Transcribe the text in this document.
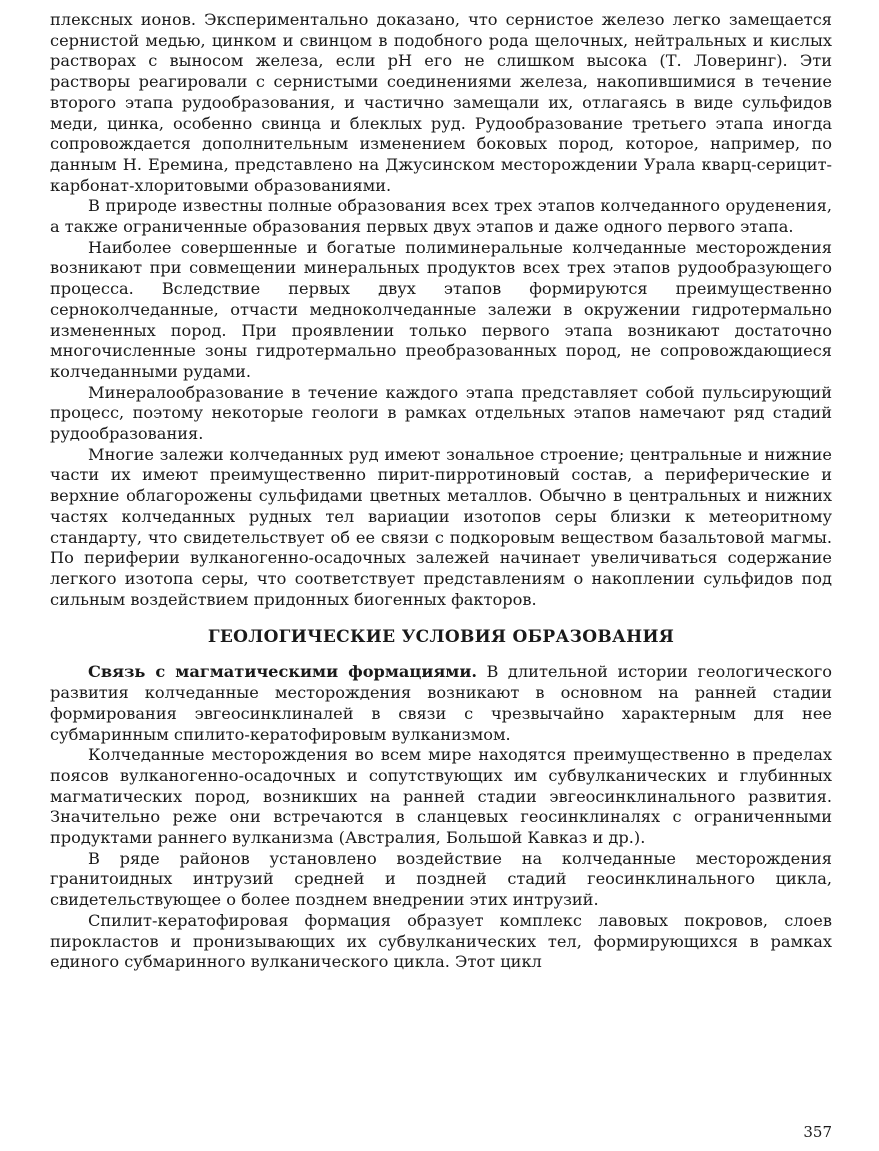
плексных ионов. Экспериментально доказано, что сернистое железо легко замещается сернистой медью, цинком и свинцом в подобного рода щелочных, нейтральных и кислых растворах с выносом железа, если pH его не слишком высока (Т. Ловеринг). Эти растворы реагировали с сернистыми соединениями железа, накопившимися в течение второго этапа рудообразования, и частично замещали их, отлагаясь в виде сульфидов меди, цинка, особенно свинца и блеклых руд. Рудообразование третьего этапа иногда сопровождается дополнительным изменением боковых пород, которое, например, по данным Н. Еремина, представлено на Джусинском месторождении Урала кварц-серицит-карбонат-хлоритовыми образованиями.

В природе известны полные образования всех трех этапов колчеданного оруденения, а также ограниченные образования первых двух этапов и даже одного первого этапа.

Наиболее совершенные и богатые полиминеральные колчеданные месторождения возникают при совмещении минеральных продуктов всех трех этапов рудообразующего процесса. Вследствие первых двух этапов формируются преимущественно серноколчеданные, отчасти медноколчеданные залежи в окружении гидротермально измененных пород. При проявлении только первого этапа возникают достаточно многочисленные зоны гидротермально преобразованных пород, не сопровождающиеся колчеданными рудами.

Минералообразование в течение каждого этапа представляет собой пульсирующий процесс, поэтому некоторые геологи в рамках отдельных этапов намечают ряд стадий рудообразования.

Многие залежи колчеданных руд имеют зональное строение; центральные и нижние части их имеют преимущественно пирит-пирротиновый состав, а периферические и верхние облагорожены сульфидами цветных металлов. Обычно в центральных и нижних частях колчеданных рудных тел вариации изотопов серы близки к метеоритному стандарту, что свидетельствует об ее связи с подкоровым веществом базальтовой магмы. По периферии вулканогенно-осадочных залежей начинает увеличиваться содержание легкого изотопа серы, что соответствует представлениям о накоплении сульфидов под сильным воздействием придонных биогенных факторов.

ГЕОЛОГИЧЕСКИЕ УСЛОВИЯ ОБРАЗОВАНИЯ

Связь с магматическими формациями. В длительной истории геологического развития колчеданные месторождения возникают в основном на ранней стадии формирования эвгеосинклиналей в связи с чрезвычайно характерным для нее субмаринным спилито-кератофировым вулканизмом.

Колчеданные месторождения во всем мире находятся преимущественно в пределах поясов вулканогенно-осадочных и сопутствующих им субвулканических и глубинных магматических пород, возникших на ранней стадии эвгеосинклинального развития. Значительно реже они встречаются в сланцевых геосинклиналях с ограниченными продуктами раннего вулканизма (Австралия, Большой Кавказ и др.).

В ряде районов установлено воздействие на колчеданные месторождения гранитоидных интрузий средней и поздней стадий геосинклинального цикла, свидетельствующее о более позднем внедрении этих интрузий.

Спилит-кератофировая формация образует комплекс лавовых покровов, слоев пирокластов и пронизывающих их субвулканических тел, формирующихся в рамках единого субмаринного вулканического цикла. Этот цикл

357
